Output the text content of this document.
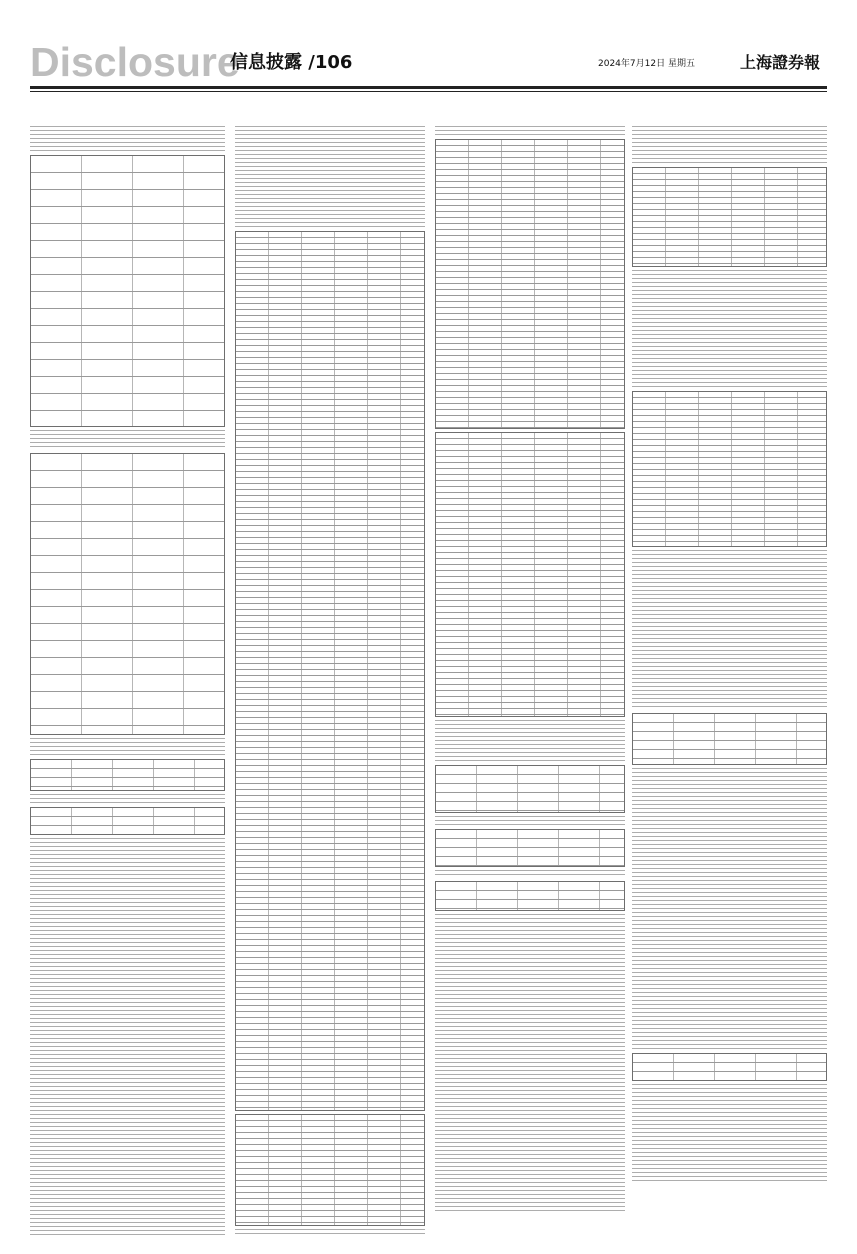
Disclosure
信息披露 /106	2024年7月12日 星期五	上海證券報
